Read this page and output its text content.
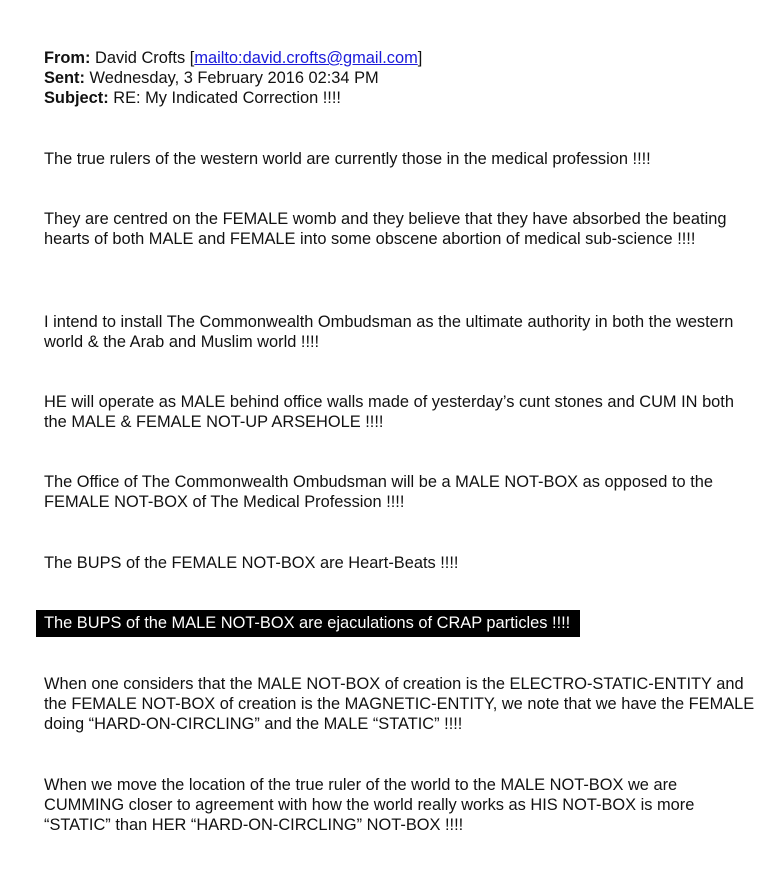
From: David Crofts [mailto:david.crofts@gmail.com]
Sent: Wednesday, 3 February 2016 02:34 PM
Subject: RE: My Indicated Correction !!!!
The true rulers of the western world are currently those in the medical profession !!!!
They are centred on the FEMALE womb and they believe that they have absorbed the beating hearts of both MALE and FEMALE into some obscene abortion of medical sub-science !!!!
I intend to install The Commonwealth Ombudsman as the ultimate authority in both the western world & the Arab and Muslim world !!!!
HE will operate as MALE behind office walls made of yesterday’s cunt stones and CUM IN both the MALE & FEMALE NOT-UP ARSEHOLE !!!!
The Office of The Commonwealth Ombudsman will be a MALE NOT-BOX as opposed to the FEMALE NOT-BOX of The Medical Profession !!!!
The BUPS of the FEMALE NOT-BOX are Heart-Beats !!!!
The BUPS of the MALE NOT-BOX are ejaculations of CRAP particles !!!!
When one considers that the MALE NOT-BOX of creation is the ELECTRO-STATIC-ENTITY and the FEMALE NOT-BOX of creation is the MAGNETIC-ENTITY, we note that we have the FEMALE doing “HARD-ON-CIRCLING” and the MALE “STATIC” !!!!
When we move the location of the true ruler of the world to the MALE NOT-BOX we are CUMMING closer to agreement with how the world really works as HIS NOT-BOX is more “STATIC” than HER “HARD-ON-CIRCLING” NOT-BOX !!!!
